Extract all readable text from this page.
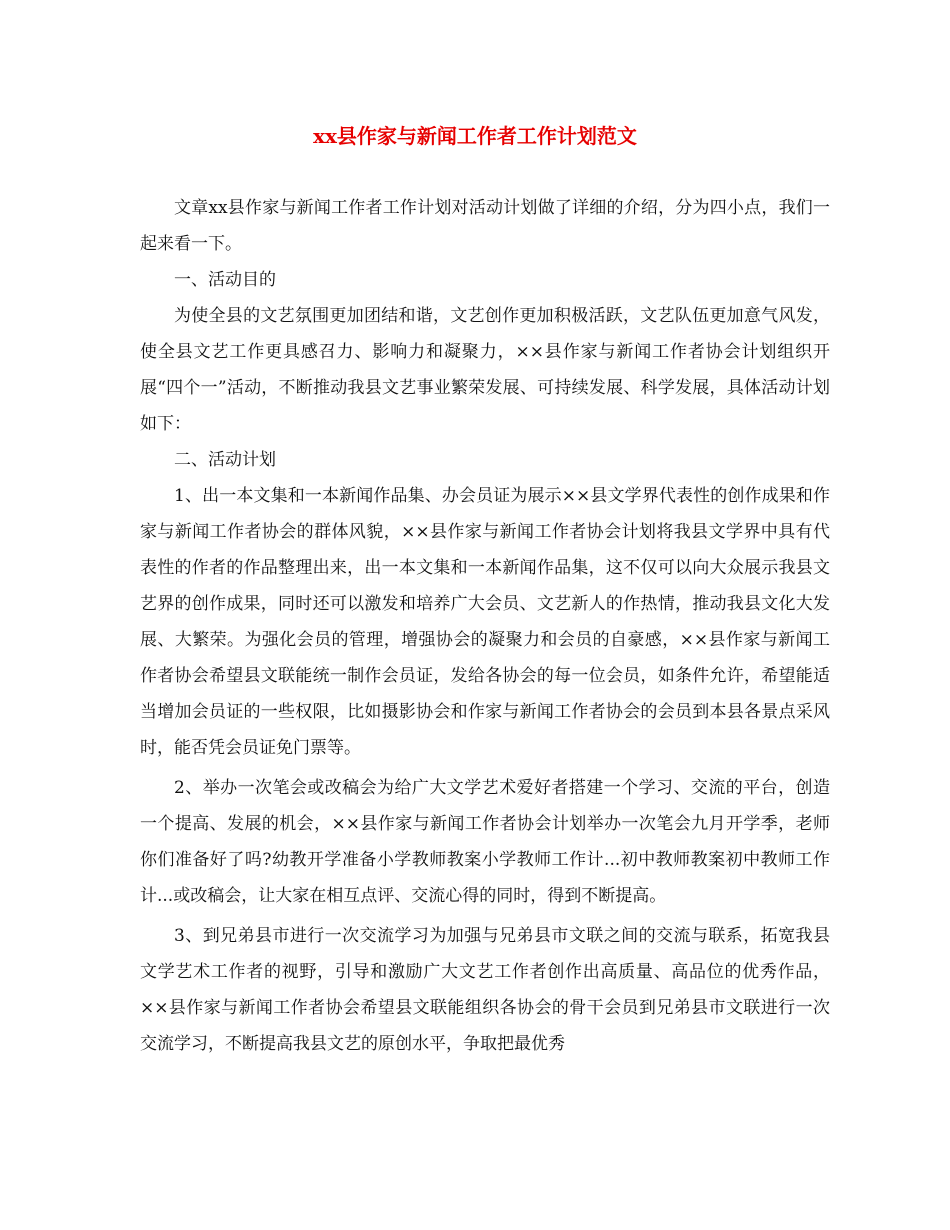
xx县作家与新闻工作者工作计划范文

文章xx县作家与新闻工作者工作计划对活动计划做了详细的介绍，分为四小点，我们一起来看一下。

一、活动目的

为使全县的文艺氛围更加团结和谐，文艺创作更加积极活跃，文艺队伍更加意气风发，使全县文艺工作更具感召力、影响力和凝聚力，××县作家与新闻工作者协会计划组织开展“四个一”活动，不断推动我县文艺事业繁荣发展、可持续发展、科学发展，具体活动计划如下：

二、活动计划

1、出一本文集和一本新闻作品集、办会员证为展示××县文学界代表性的创作成果和作家与新闻工作者协会的群体风貌，××县作家与新闻工作者协会计划将我县文学界中具有代表性的作者的作品整理出来，出一本文集和一本新闻作品集，这不仅可以向大众展示我县文艺界的创作成果，同时还可以激发和培养广大会员、文艺新人的作热情，推动我县文化大发展、大繁荣。为强化会员的管理，增强协会的凝聚力和会员的自豪感，××县作家与新闻工作者协会希望县文联能统一制作会员证，发给各协会的每一位会员，如条件允许，希望能适当增加会员证的一些权限，比如摄影协会和作家与新闻工作者协会的会员到本县各景点采风时，能否凭会员证免门票等。

2、举办一次笔会或改稿会为给广大文学艺术爱好者搭建一个学习、交流的平台，创造一个提高、发展的机会，××县作家与新闻工作者协会计划举办一次笔会九月开学季，老师你们准备好了吗?幼教开学准备小学教师教案小学教师工作计...初中教师教案初中教师工作计...或改稿会，让大家在相互点评、交流心得的同时，得到不断提高。

3、到兄弟县市进行一次交流学习为加强与兄弟县市文联之间的交流与联系，拓宽我县文学艺术工作者的视野，引导和激励广大文艺工作者创作出高质量、高品位的优秀作品，××县作家与新闻工作者协会希望县文联能组织各协会的骨干会员到兄弟县市文联进行一次交流学习，不断提高我县文艺的原创水平，争取把最优秀
